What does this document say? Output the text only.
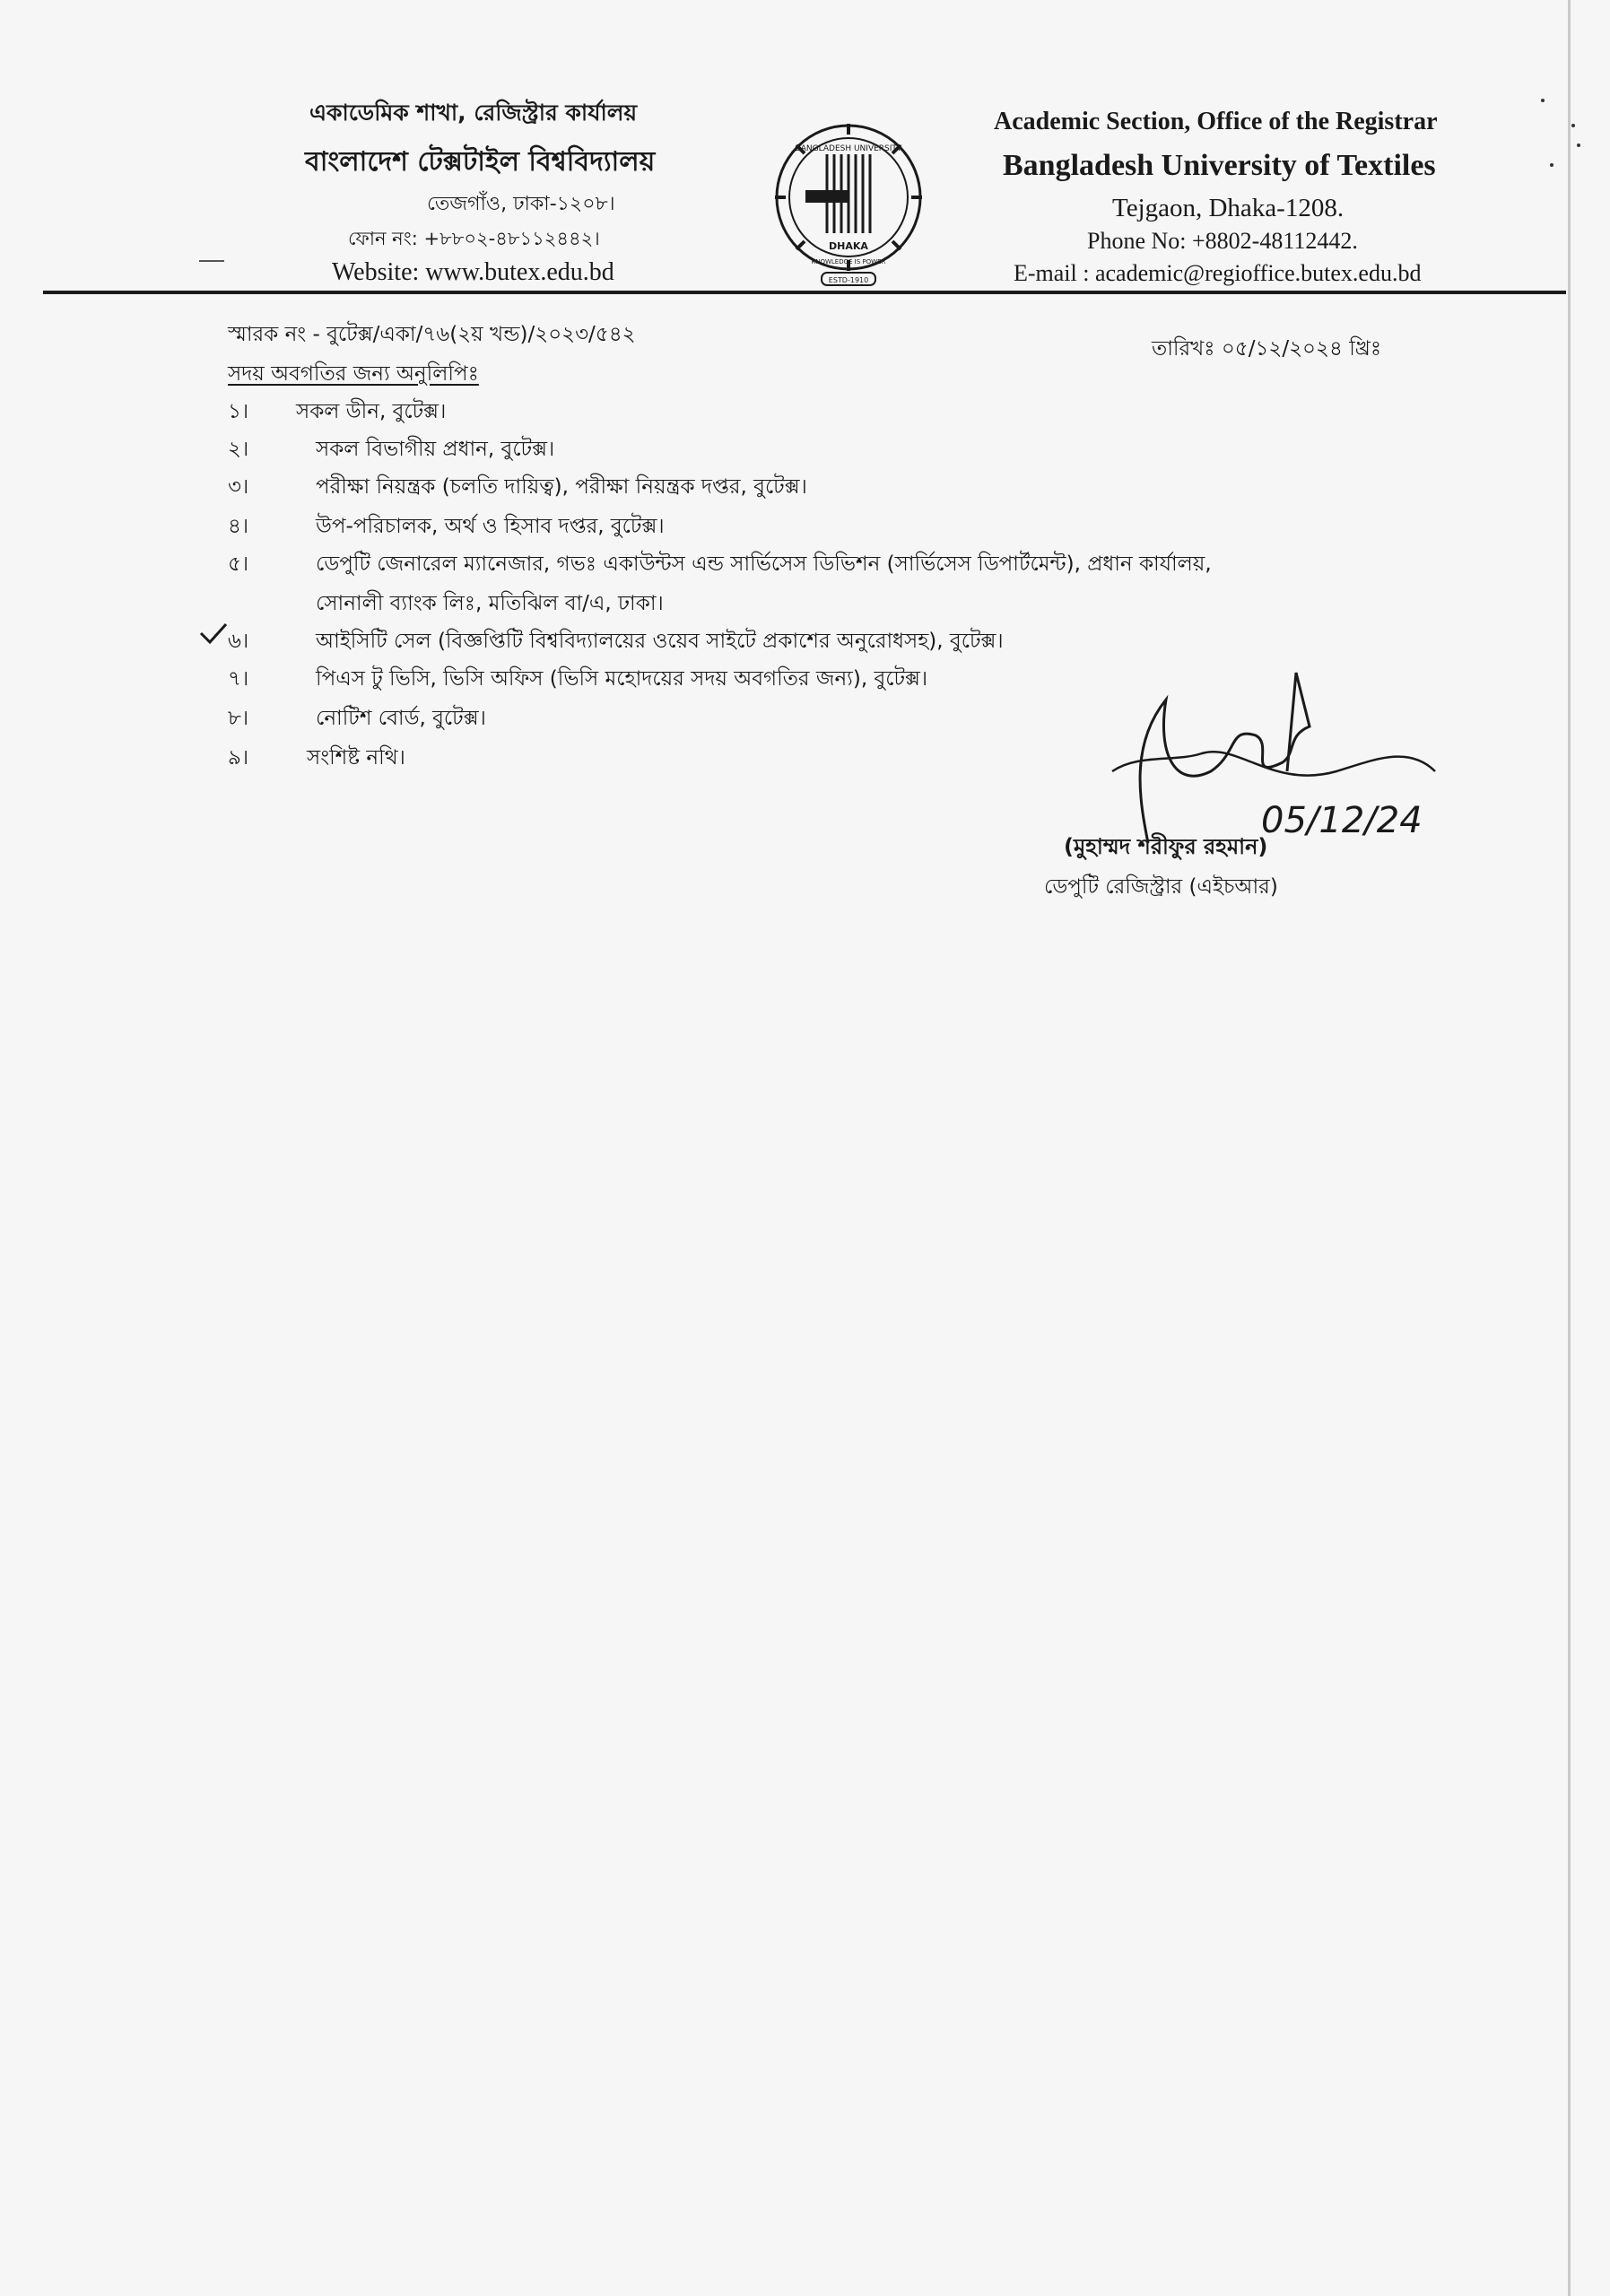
একাডেমিক শাখা, রেজিস্ট্রার কার্যালয়
বাংলাদেশ টেক্সটাইল বিশ্ববিদ্যালয়
তেজগাঁও, ঢাকা-১২০৮।
ফোন নং: +৮৮০২-৪৮১১২৪৪২।
Website: www.butex.edu.bd
BANGLADESH UNIVERSITY
DHAKA
KNOWLEDGE IS POWER
ESTD-1910
Academic Section, Office of the Registrar
Bangladesh University of Textiles
Tejgaon, Dhaka-1208.
Phone No: +8802-48112442.
E-mail : academic@regioffice.butex.edu.bd
স্মারক নং - বুটেক্স/একা/৭৬(২য় খন্ড)/২০২৩/৫৪২
তারিখঃ ০৫/১২/২০২৪ খ্রিঃ
সদয় অবগতির জন্য অনুলিপিঃ
১। সকল ডীন, বুটেক্স।
২।	সকল বিভাগীয় প্রধান, বুটেক্স।
৩।	পরীক্ষা নিয়ন্ত্রক (চলতি দায়িত্ব), পরীক্ষা নিয়ন্ত্রক দপ্তর, বুটেক্স।
৪।	উপ-পরিচালক, অর্থ ও হিসাব দপ্তর, বুটেক্স।
৫।	ডেপুটি জেনারেল ম্যানেজার, গভঃ একাউন্টস এন্ড সার্ভিসেস ডিভিশন (সার্ভিসেস ডিপার্টমেন্ট), প্রধান কার্যালয়,
সোনালী ব্যাংক লিঃ, মতিঝিল বা/এ, ঢাকা।
৬।	আইসিটি সেল (বিজ্ঞপ্তিটি বিশ্ববিদ্যালয়ের ওয়েব সাইটে প্রকাশের অনুরোধসহ), বুটেক্স।
৭।	পিএস টু ভিসি, ভিসি অফিস (ভিসি মহোদয়ের সদয় অবগতির জন্য), বুটেক্স।
৮।	নোটিশ বোর্ড, বুটেক্স।
৯।	সংশিষ্ট নথি।
05/12/24
(মুহাম্মদ শরীফুর রহমান)
ডেপুটি রেজিস্ট্রার (এইচআর)
